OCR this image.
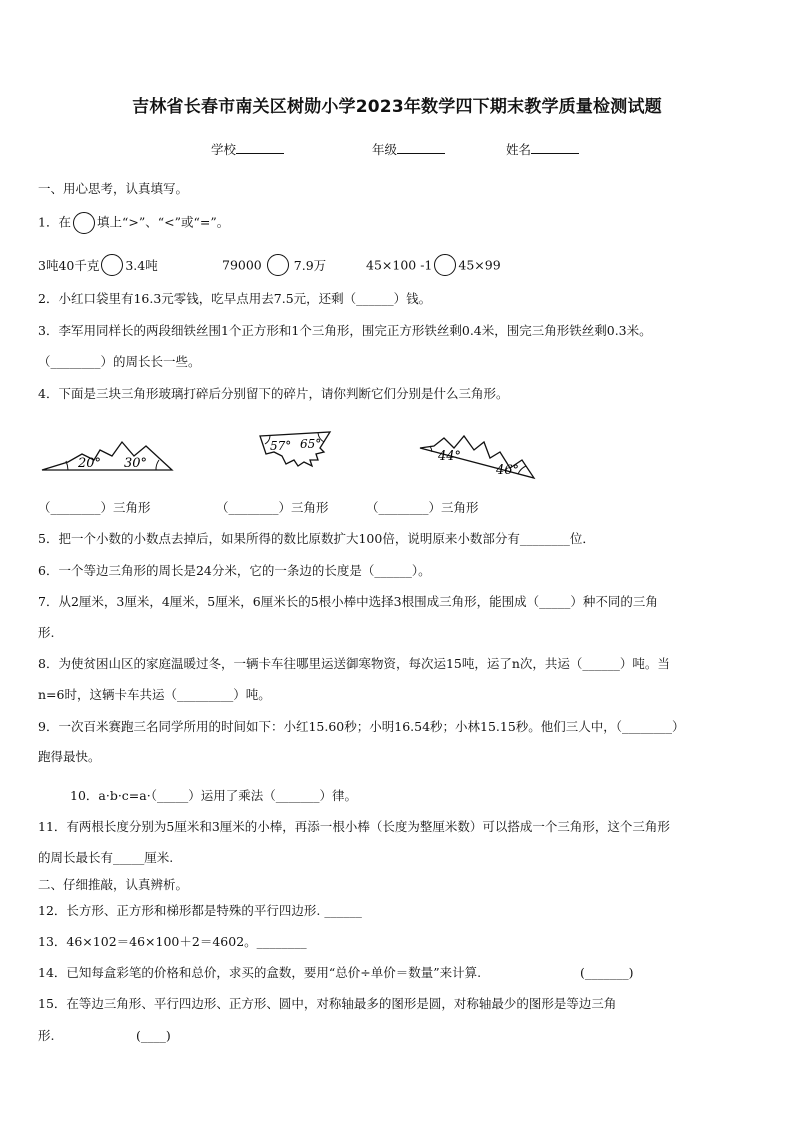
吉林省长春市南关区树勋小学2023年数学四下期末教学质量检测试题
学校	年级	姓名
一、用心思考，认真填写。
1．在 填上“>”、“<”或“=”。
3吨40千克 3.4吨	79000	7.9万	45×100 -1 45×99
2．小红口袋里有16.3元零钱，吃早点用去7.5元，还剩（______）钱。
3．李军用同样长的两段细铁丝围1个正方形和1个三角形，围完正方形铁丝剩0.4米，围完三角形铁丝剩0.3米。
（________）的周长长一些。
4．下面是三块三角形玻璃打碎后分别留下的碎片，请你判断它们分别是什么三角形。
20° 30°
57° 65°
44°
46°
（________）三角形	（________）三角形	（________）三角形
5．把一个小数的小数点去掉后，如果所得的数比原数扩大100倍，说明原来小数部分有________位．
6．一个等边三角形的周长是24分米，它的一条边的长度是（______）。
7．从2厘米，3厘米，4厘米，5厘米，6厘米长的5根小棒中选择3根围成三角形，能围成（_____）种不同的三角
形.
8．为使贫困山区的家庭温暖过冬，一辆卡车往哪里运送御寒物资，每次运15吨，运了n次，共运（______）吨。当
n=6时，这辆卡车共运（_________）吨。
9．一次百米赛跑三名同学所用的时间如下：小红15.60秒；小明16.54秒；小林15.15秒。他们三人中，（________）
跑得最快。
10．a·b·c=a·（_____）运用了乘法（_______）律。
11．有两根长度分别为5厘米和3厘米的小棒，再添一根小棒（长度为整厘米数）可以搭成一个三角形，这个三角形
的周长最长有_____厘米.
二、仔细推敲，认真辨析。
12．长方形、正方形和梯形都是特殊的平行四边形. ______
13．46×102＝46×100＋2＝4602。________
14．已知每盒彩笔的价格和总价，求买的盒数，要用“总价÷单价＝数量”来计算.	(_______)
15．在等边三角形、平行四边形、正方形、圆中，对称轴最多的图形是圆，对称轴最少的图形是等边三角
形.	(____)
